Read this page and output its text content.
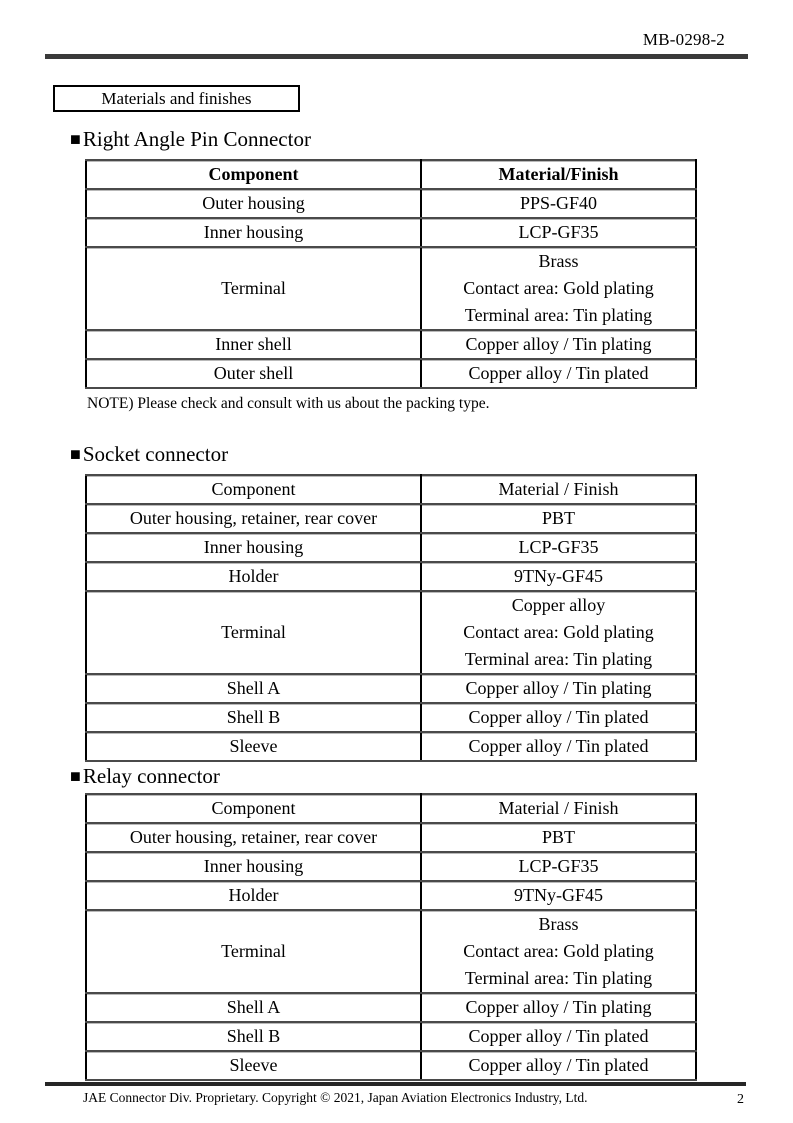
MB-0298-2
Materials and finishes
■Right Angle Pin Connector
Component	Material/Finish
Outer housing	PPS-GF40

Inner housing	LCP-GF35

Terminal	Brass
Contact area: Gold plating
Terminal area: Tin plating

Inner shell	Copper alloy / Tin plating

Outer shell	Copper alloy / Tin plated
NOTE) Please check and consult with us about the packing type.
■Socket connector
Component	Material / Finish
Outer housing, retainer, rear cover	PBT

Inner housing	LCP-GF35

Holder	9TNy-GF45

Terminal	Copper alloy
Contact area: Gold plating
Terminal area: Tin plating

Shell A	Copper alloy / Tin plating

Shell B	Copper alloy / Tin plated

Sleeve	Copper alloy / Tin plated
■Relay connector
Component	Material / Finish
Outer housing, retainer, rear cover	PBT

Inner housing	LCP-GF35

Holder	9TNy-GF45

Terminal	Brass
Contact area: Gold plating
Terminal area: Tin plating

Shell A	Copper alloy / Tin plating

Shell B	Copper alloy / Tin plated

Sleeve	Copper alloy / Tin plated
JAE Connector Div. Proprietary. Copyright © 2021, Japan Aviation Electronics Industry, Ltd.	2
